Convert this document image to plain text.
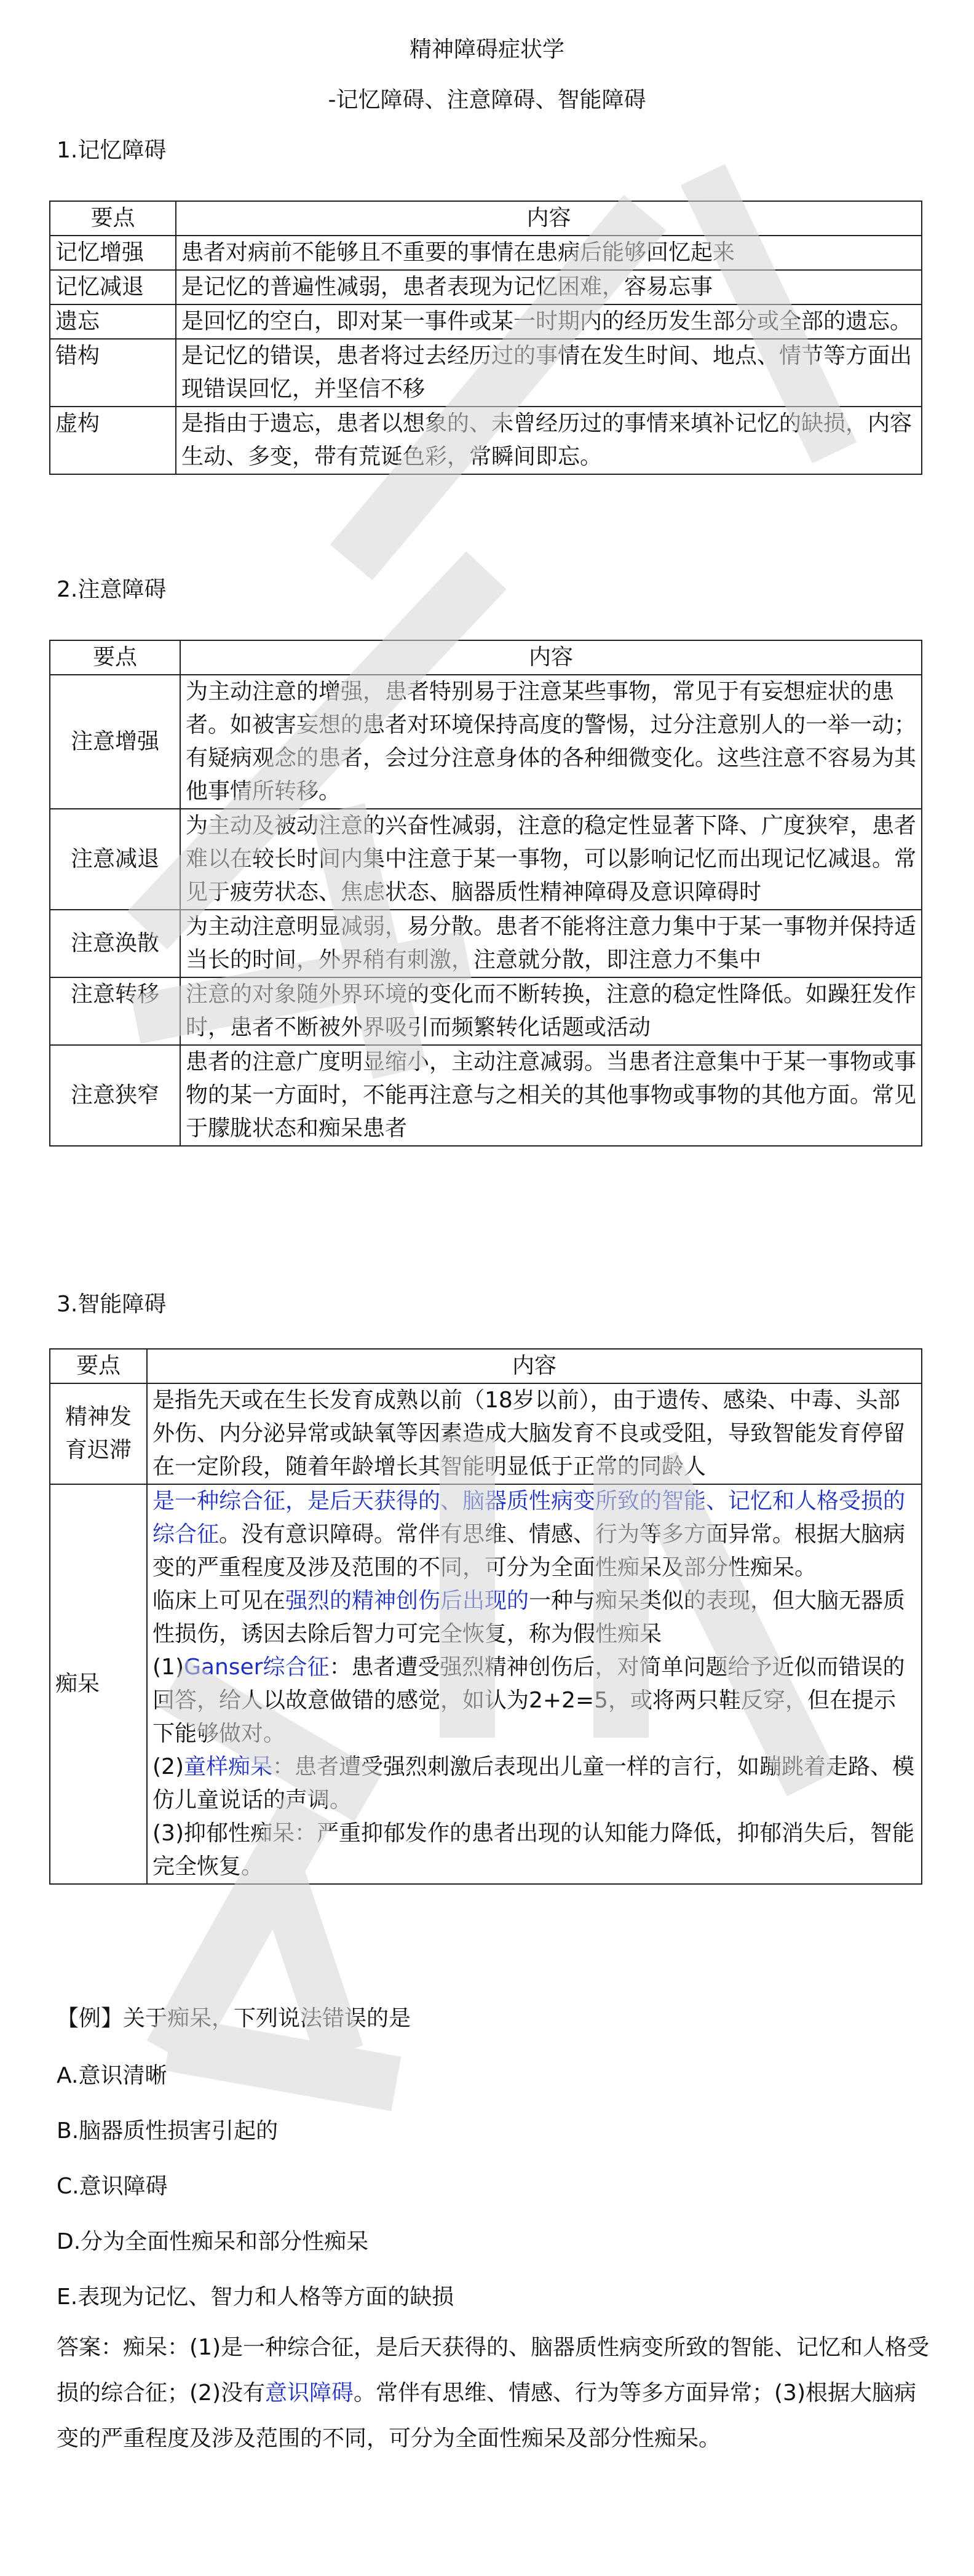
精神障碍症状学
-记忆障碍、注意障碍、智能障碍
1.记忆障碍
要点	内容
记忆增强	患者对病前不能够且不重要的事情在患病后能够回忆起来
记忆减退	是记忆的普遍性减弱，患者表现为记忆困难，容易忘事
遗忘	是回忆的空白，即对某一事件或某一时期内的经历发生部分或全部的遗忘。
错构	是记忆的错误，患者将过去经历过的事情在发生时间、地点、情节等方面出现错误回忆，并坚信不移
虚构	是指由于遗忘，患者以想象的、未曾经历过的事情来填补记忆的缺损，内容生动、多变，带有荒诞色彩，常瞬间即忘。
2.注意障碍
要点	内容
注意增强	为主动注意的增强，患者特别易于注意某些事物，常见于有妄想症状的患者。如被害妄想的患者对环境保持高度的警惕，过分注意别人的一举一动；有疑病观念的患者，会过分注意身体的各种细微变化。这些注意不容易为其他事情所转移。
注意减退	为主动及被动注意的兴奋性减弱，注意的稳定性显著下降、广度狭窄，患者难以在较长时间内集中注意于某一事物，可以影响记忆而出现记忆减退。常见于疲劳状态、焦虑状态、脑器质性精神障碍及意识障碍时
注意涣散	为主动注意明显减弱，易分散。患者不能将注意力集中于某一事物并保持适当长的时间，外界稍有刺激，注意就分散，即注意力不集中
注意转移	注意的对象随外界环境的变化而不断转换，注意的稳定性降低。如躁狂发作时，患者不断被外界吸引而频繁转化话题或活动
注意狭窄	患者的注意广度明显缩小，主动注意减弱。当患者注意集中于某一事物或事物的某一方面时，不能再注意与之相关的其他事物或事物的其他方面。常见于朦胧状态和痴呆患者
3.智能障碍
要点	内容
精神发育迟滞	是指先天或在生长发育成熟以前（18岁以前），由于遗传、感染、中毒、头部外伤、内分泌异常或缺氧等因素造成大脑发育不良或受阻，导致智能发育停留在一定阶段，随着年龄增长其智能明显低于正常的同龄人
痴呆	是一种综合征，是后天获得的、脑器质性病变所致的智能、记忆和人格受损的综合征。没有意识障碍。常伴有思维、情感、行为等多方面异常。根据大脑病变的严重程度及涉及范围的不同，可分为全面性痴呆及部分性痴呆。
临床上可见在强烈的精神创伤后出现的一种与痴呆类似的表现，但大脑无器质性损伤，诱因去除后智力可完全恢复，称为假性痴呆
(1)Ganser综合征：患者遭受强烈精神创伤后，对简单问题给予近似而错误的回答，给人以故意做错的感觉，如认为2+2=5，或将两只鞋反穿，但在提示下能够做对。
(2)童样痴呆：患者遭受强烈刺激后表现出儿童一样的言行，如蹦跳着走路、模仿儿童说话的声调。
(3)抑郁性痴呆：严重抑郁发作的患者出现的认知能力降低，抑郁消失后，智能完全恢复。
【例】关于痴呆，下列说法错误的是
A.意识清晰
B.脑器质性损害引起的
C.意识障碍
D.分为全面性痴呆和部分性痴呆
E.表现为记忆、智力和人格等方面的缺损
答案：痴呆：(1)是一种综合征，是后天获得的、脑器质性病变所致的智能、记忆和人格受损的综合征；(2)没有意识障碍。常伴有思维、情感、行为等多方面异常；(3)根据大脑病变的严重程度及涉及范围的不同，可分为全面性痴呆及部分性痴呆。
